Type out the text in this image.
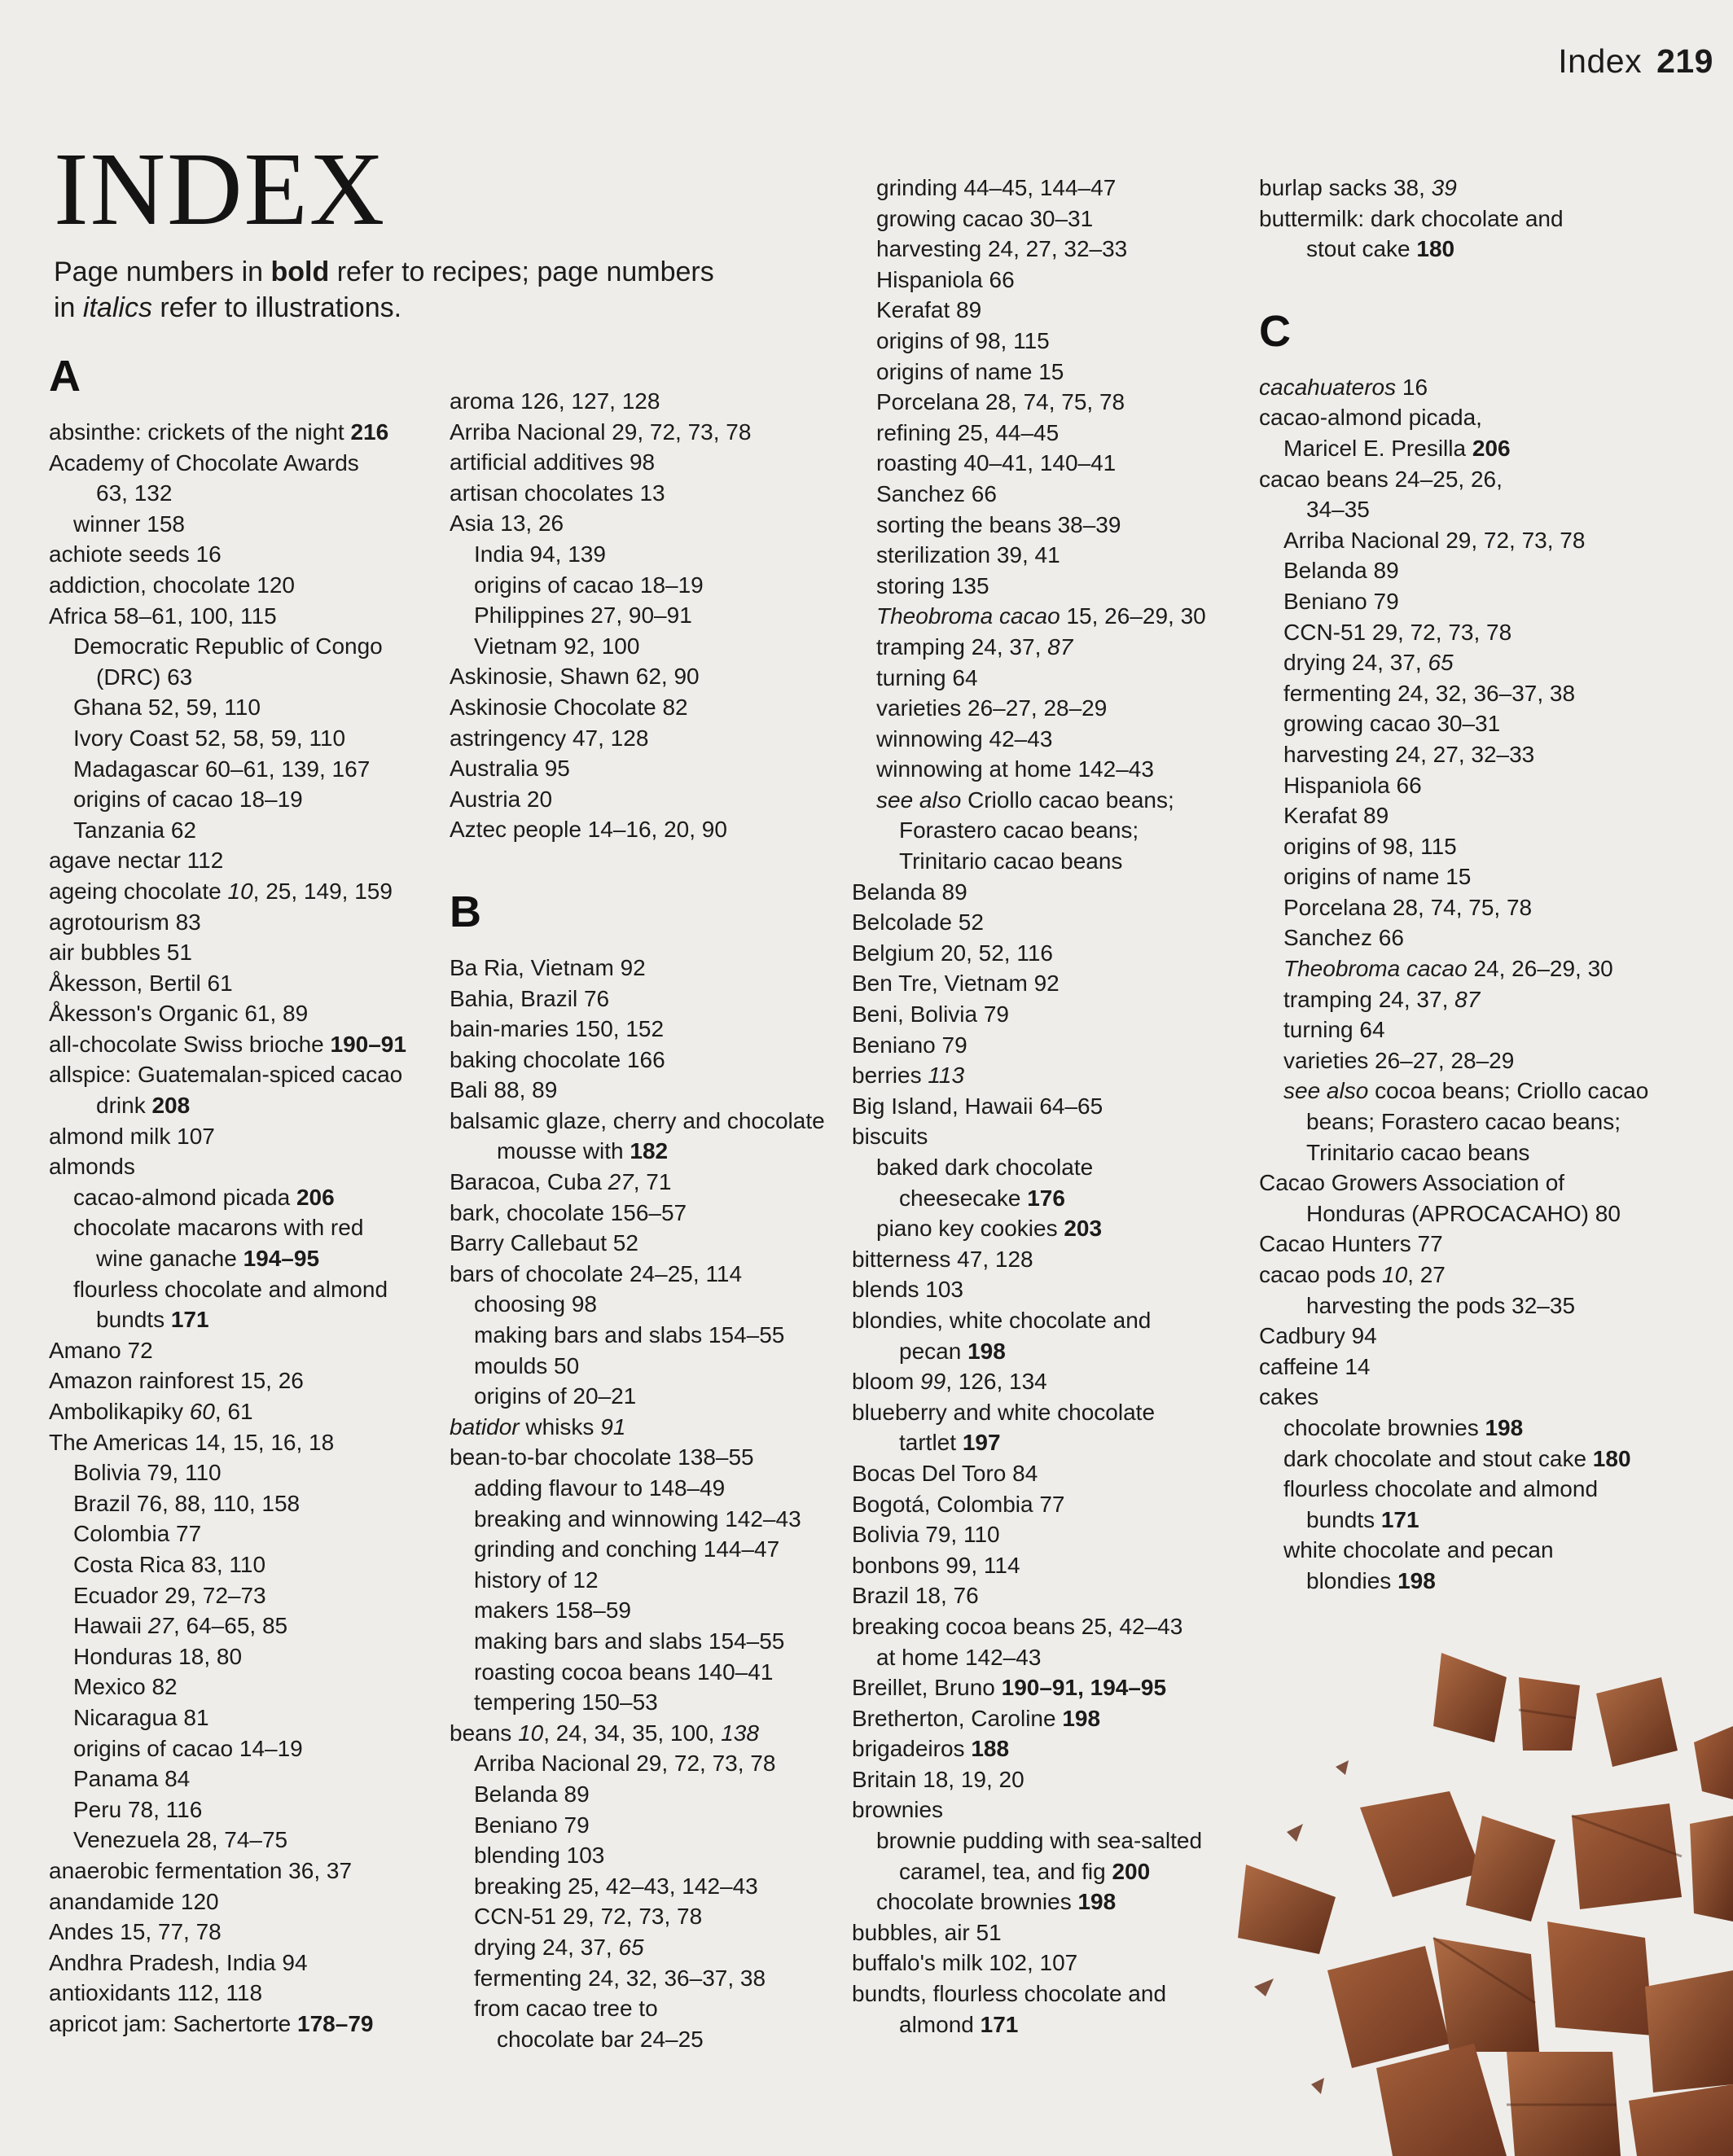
Index 219
INDEX

Page numbers in bold refer to recipes; page numbers in italics refer to illustrations.

A
absinthe: crickets of the night 216
Academy of Chocolate Awards
63, 132
winner 158
achiote seeds 16
addiction, chocolate 120
Africa 58–61, 100, 115
Democratic Republic of Congo
(DRC) 63
Ghana 52, 59, 110
Ivory Coast 52, 58, 59, 110
Madagascar 60–61, 139, 167
origins of cacao 18–19
Tanzania 62
agave nectar 112
ageing chocolate 10, 25, 149, 159
agrotourism 83
air bubbles 51
Åkesson, Bertil 61
Åkesson's Organic 61, 89
all-chocolate Swiss brioche 190–91
allspice: Guatemalan-spiced cacao
drink 208
almond milk 107
almonds
cacao-almond picada 206
chocolate macarons with red
wine ganache 194–95
flourless chocolate and almond
bundts 171
Amano 72
Amazon rainforest 15, 26
Ambolikapiky 60, 61
The Americas 14, 15, 16, 18
Bolivia 79, 110
Brazil 76, 88, 110, 158
Colombia 77
Costa Rica 83, 110
Ecuador 29, 72–73
Hawaii 27, 64–65, 85
Honduras 18, 80
Mexico 82
Nicaragua 81
origins of cacao 14–19
Panama 84
Peru 78, 116
Venezuela 28, 74–75
anaerobic fermentation 36, 37
anandamide 120
Andes 15, 77, 78
Andhra Pradesh, India 94
antioxidants 112, 118
apricot jam: Sachertorte 178–79
aroma 126, 127, 128
Arriba Nacional 29, 72, 73, 78
artificial additives 98
artisan chocolates 13
Asia 13, 26
India 94, 139
origins of cacao 18–19
Philippines 27, 90–91
Vietnam 92, 100
Askinosie, Shawn 62, 90
Askinosie Chocolate 82
astringency 47, 128
Australia 95
Austria 20
Aztec people 14–16, 20, 90
B
Ba Ria, Vietnam 92
Bahia, Brazil 76
bain-maries 150, 152
baking chocolate 166
Bali 88, 89
balsamic glaze, cherry and chocolate
mousse with 182
Baracoa, Cuba 27, 71
bark, chocolate 156–57
Barry Callebaut 52
bars of chocolate 24–25, 114
choosing 98
making bars and slabs 154–55
moulds 50
origins of 20–21
batidor whisks 91
bean-to-bar chocolate 138–55
adding flavour to 148–49
breaking and winnowing 142–43
grinding and conching 144–47
history of 12
makers 158–59
making bars and slabs 154–55
roasting cocoa beans 140–41
tempering 150–53
beans 10, 24, 34, 35, 100, 138
Arriba Nacional 29, 72, 73, 78
Belanda 89
Beniano 79
blending 103
breaking 25, 42–43, 142–43
CCN-51 29, 72, 73, 78
drying 24, 37, 65
fermenting 24, 32, 36–37, 38
from cacao tree to
chocolate bar 24–25
grinding 44–45, 144–47
growing cacao 30–31
harvesting 24, 27, 32–33
Hispaniola 66
Kerafat 89
origins of 98, 115
origins of name 15
Porcelana 28, 74, 75, 78
refining 25, 44–45
roasting 40–41, 140–41
Sanchez 66
sorting the beans 38–39
sterilization 39, 41
storing 135
Theobroma cacao 15, 26–29, 30
tramping 24, 37, 87
turning 64
varieties 26–27, 28–29
winnowing 42–43
winnowing at home 142–43
see also Criollo cacao beans;
Forastero cacao beans;
Trinitario cacao beans
Belanda 89
Belcolade 52
Belgium 20, 52, 116
Ben Tre, Vietnam 92
Beni, Bolivia 79
Beniano 79
berries 113
Big Island, Hawaii 64–65
biscuits
baked dark chocolate
cheesecake 176
piano key cookies 203
bitterness 47, 128
blends 103
blondies, white chocolate and
pecan 198
bloom 99, 126, 134
blueberry and white chocolate
tartlet 197
Bocas Del Toro 84
Bogotá, Colombia 77
Bolivia 79, 110
bonbons 99, 114
Brazil 18, 76
breaking cocoa beans 25, 42–43
at home 142–43
Breillet, Bruno 190–91, 194–95
Bretherton, Caroline 198
brigadeiros 188
Britain 18, 19, 20
brownies
brownie pudding with sea-salted
caramel, tea, and fig 200
chocolate brownies 198
bubbles, air 51
buffalo's milk 102, 107
bundts, flourless chocolate and
almond 171
burlap sacks 38, 39
buttermilk: dark chocolate and
stout cake 180
C
cacahuateros 16
cacao-almond picada,
Maricel E. Presilla 206
cacao beans 24–25, 26,
34–35
Arriba Nacional 29, 72, 73, 78
Belanda 89
Beniano 79
CCN-51 29, 72, 73, 78
drying 24, 37, 65
fermenting 24, 32, 36–37, 38
growing cacao 30–31
harvesting 24, 27, 32–33
Hispaniola 66
Kerafat 89
origins of 98, 115
origins of name 15
Porcelana 28, 74, 75, 78
Sanchez 66
Theobroma cacao 24, 26–29, 30
tramping 24, 37, 87
turning 64
varieties 26–27, 28–29
see also cocoa beans; Criollo cacao
beans; Forastero cacao beans;
Trinitario cacao beans
Cacao Growers Association of
Honduras (APROCACAHO) 80
Cacao Hunters 77
cacao pods 10, 27
harvesting the pods 32–35
Cadbury 94
caffeine 14
cakes
chocolate brownies 198
dark chocolate and stout cake 180
flourless chocolate and almond
bundts 171
white chocolate and pecan
blondies 198
